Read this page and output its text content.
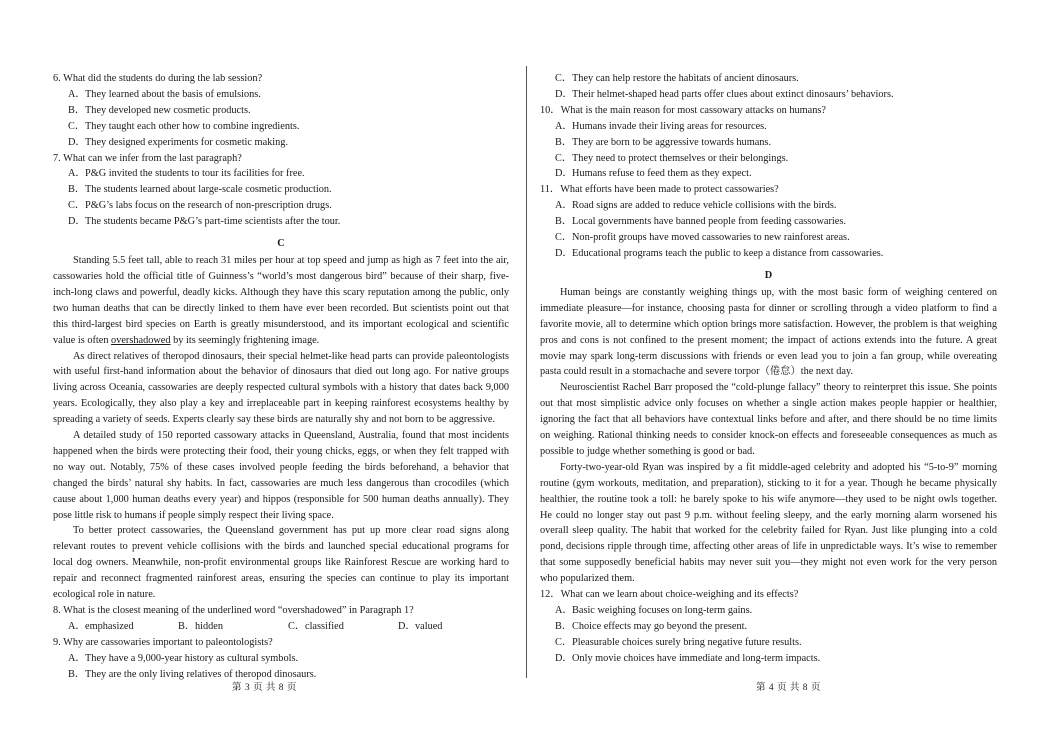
6. What did the students do during the lab session?

A．They learned about the basis of emulsions.

B．They developed new cosmetic products.

C．They taught each other how to combine ingredients.

D．They designed experiments for cosmetic making.

7. What can we infer from the last paragraph?

A．P&G invited the students to tour its facilities for free.

B．The students learned about large-scale cosmetic production.

C．P&G’s labs focus on the research of non-prescription drugs.

D．The students became P&G’s part-time scientists after the tour.

C
Standing 5.5 feet tall, able to reach 31 miles per hour at top speed and jump as high as 7 feet into the air,
cassowaries hold the official title of Guinness’s “world’s most dangerous bird” because of their sharp, five-
inch-long claws and powerful, deadly kicks. Although they have this scary reputation among the public, only
two human deaths that can be directly linked to them have ever been recorded. But scientists point out that
this third-largest bird species on Earth is greatly misunderstood, and its important ecological and scientific
value is often overshadowed by its seemingly frightening image.
As direct relatives of theropod dinosaurs, their special helmet-like head parts can provide paleontologists
with useful first-hand information about the behavior of dinosaurs that died out long ago. For native groups
living across Oceania, cassowaries are deeply respected cultural symbols with a history that dates back 9,000
years. Ecologically, they also play a key and irreplaceable part in keeping rainforest ecosystems healthy by
spreading a variety of seeds. Experts clearly say these birds are naturally shy and not born to be aggressive.
A detailed study of 150 reported cassowary attacks in Queensland, Australia, found that most incidents
happened when the birds were protecting their food, their young chicks, eggs, or when they felt trapped with
no way out. Notably, 75% of these cases involved people feeding the birds beforehand, a behavior that
changed the birds’ natural shy habits. In fact, cassowaries are much less dangerous than crocodiles (which
cause about 1,000 human deaths every year) and hippos (responsible for 500 human deaths annually). They
pose little risk to humans if people simply respect their living space.
To better protect cassowaries, the Queensland government has put up more clear road signs along
relevant routes to prevent vehicle collisions with the birds and launched special educational programs for
local dog owners. Meanwhile, non-profit environmental groups like Rainforest Rescue are working hard to
repair and reconnect fragmented rainforest areas, ensuring the species can continue to play its important
ecological role in nature.

8. What is the closest meaning of the underlined word “overshadowed” in Paragraph 1?

A．emphasized	B．hidden	C．classified	D．valued

9. Why are cassowaries important to paleontologists?

A．They have a 9,000-year history as cultural symbols.

B．They are the only living relatives of theropod dinosaurs.

C．They can help restore the habitats of ancient dinosaurs.

D．Their helmet-shaped head parts offer clues about extinct dinosaurs’ behaviors.

10．What is the main reason for most cassowary attacks on humans?

A．Humans invade their living areas for resources.

B．They are born to be aggressive towards humans.

C．They need to protect themselves or their belongings.

D．Humans refuse to feed them as they expect.

11．What efforts have been made to protect cassowaries?

A．Road signs are added to reduce vehicle collisions with the birds.

B．Local governments have banned people from feeding cassowaries.

C．Non-profit groups have moved cassowaries to new rainforest areas.

D．Educational programs teach the public to keep a distance from cassowaries.

D
Human beings are constantly weighing things up, with the most basic form of weighing centered on
immediate pleasure—for instance, choosing pasta for dinner or scrolling through a video platform to find a
favorite movie, all to determine which option brings more satisfaction. However, the problem is that weighing
pros and cons is not confined to the present moment; the impact of actions extends into the future. A great
movie may spark long-term discussions with friends or even lead you to join a fan group, while overeating
pasta could result in a stomachache and severe torpor（倦怠）the next day.
Neuroscientist Rachel Barr proposed the “cold-plunge fallacy” theory to reinterpret this issue. She points
out that most simplistic advice only focuses on whether a single action makes people happier or healthier,
ignoring the fact that all behaviors have contextual links before and after, and there should be no time limits
on weighing. Rational thinking needs to consider knock-on effects and foreseeable consequences as much as
possible to judge whether something is good or bad.
Forty-two-year-old Ryan was inspired by a fit middle-aged celebrity and adopted his “5-to-9” morning
routine (gym workouts, meditation, and preparation), sticking to it for a year. Though he became physically
healthier, the routine took a toll: he barely spoke to his wife anymore—they used to be night owls together.
He could no longer stay out past 9 p.m. without feeling sleepy, and the early morning alarm worsened his
overall sleep quality. The habit that worked for the celebrity failed for Ryan. Just like plunging into a cold
pond, decisions ripple through time, affecting other areas of life in unpredictable ways. It’s wise to remember
that some supposedly beneficial habits may never suit you—they might not even work for the very person
who popularized them.

12．What can we learn about choice-weighing and its effects?

A．Basic weighing focuses on long-term gains.

B．Choice effects may go beyond the present.

C．Pleasurable choices surely bring negative future results.

D．Only movie choices have immediate and long-term impacts.

第 3 页 共 8 页	第 4 页 共 8 页
